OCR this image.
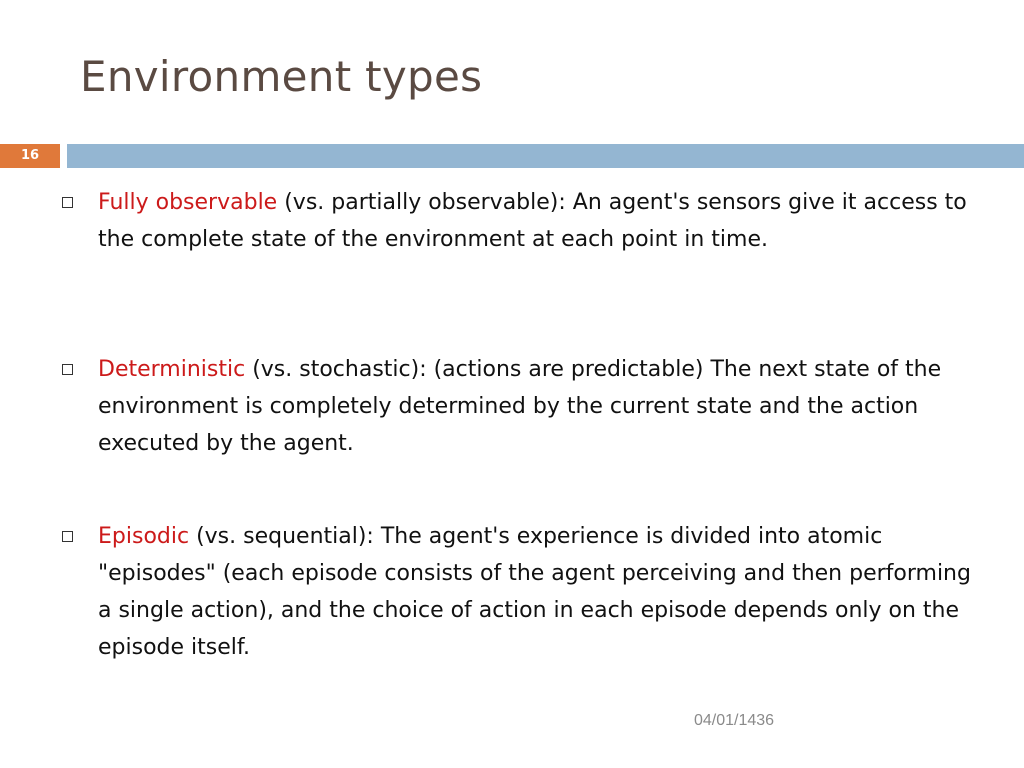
Environment types
16
Fully observable (vs. partially observable): An agent's sensors give it access to the complete state of the environment at each point in time.
Deterministic (vs. stochastic): (actions are predictable) The next state of the environment is completely determined by the current state and the action executed by the agent.
Episodic (vs. sequential): The agent's experience is divided into atomic "episodes" (each episode consists of the agent perceiving and then performing a single action), and the choice of action in each episode depends only on the episode itself.
04/01/1436
